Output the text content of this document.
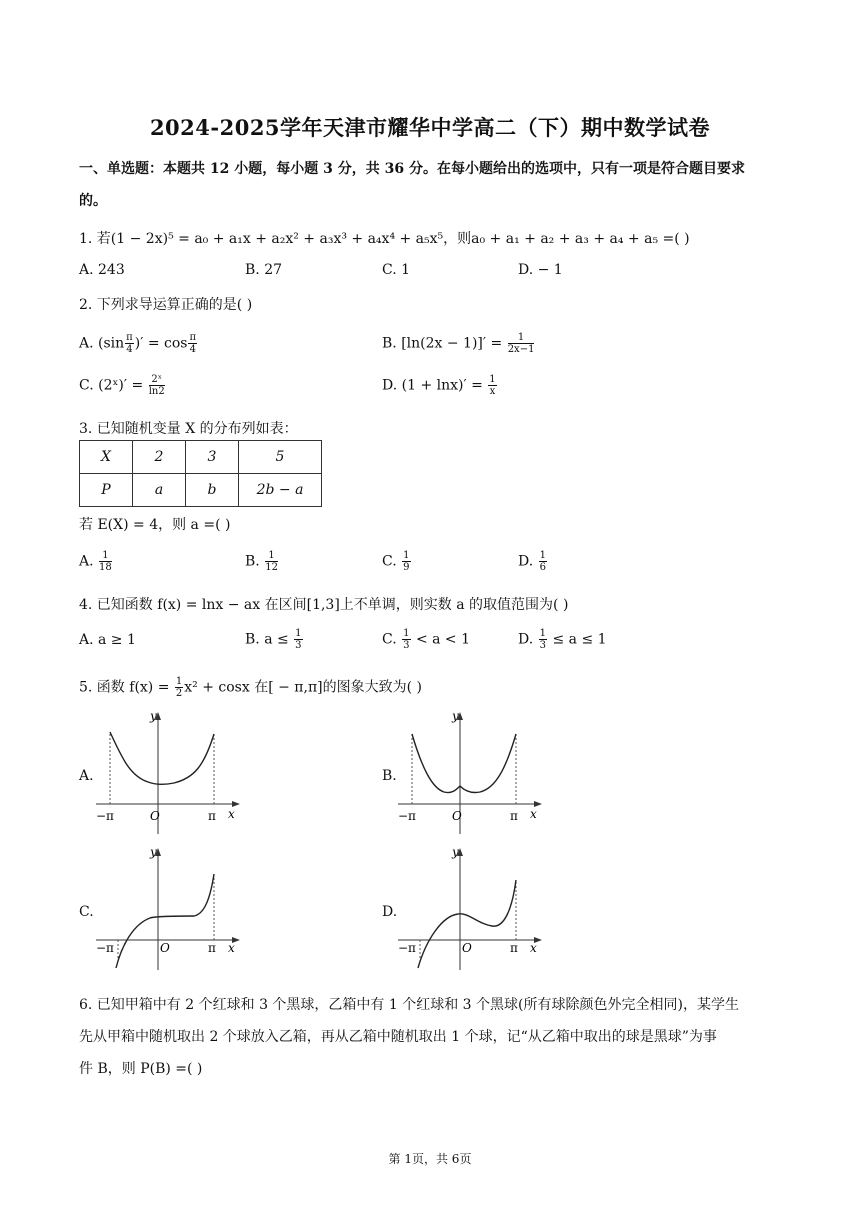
2024-2025学年天津市耀华中学高二（下）期中数学试卷
一、单选题：本题共 12 小题，每小题 3 分，共 36 分。在每小题给出的选项中，只有一项是符合题目要求
的。
1. 若(1 − 2x)⁵ = a₀ + a₁x + a₂x² + a₃x³ + a₄x⁴ + a₅x⁵，则a₀ + a₁ + a₂ + a₃ + a₄ + a₅ =( )
A. 243	B. 27	C. 1	D. − 1
2. 下列求导运算正确的是( )
A. ($\sin \frac{\pi}{4}$ )′ = $\cos \frac{\pi}{4}$	B. $[\ln(2x - 1)]' = \frac{1}{2x-1}$
C. (2ˣ)′ = $\frac{\text{2ˣ}}{\ln 2}$	D. $(1 + \ln x)' = \frac{1}{x}$
3. 已知随机变量 X 的分布列如表：
X	2	3	5
P	a	b	2b − a
若 E(X) = 4，则 a =( )
A. $\frac{1}{18}$	B. $\frac{1}{12}$	C. $\frac{1}{9}$	D. $\frac{1}{6}$
4. 已知函数 f(x) = lnx − ax 在区间[1,3]上不单调，则实数 a 的取值范围为( )
A. a ≥ 1	B. $a \le \frac{1}{3}$	C. $\frac{1}{3} < a < 1$	D. $\frac{1}{3} \le a \le 1$
5. 函数 $f(x) = \frac{1}{2} x^2 + \cos x$ 在[ − π,π]的图象大致为( )
A.	B.
C.	D.
y
x
O
−π	π
y
x
O
−π	π
y
x
O
−π	π
y
x
O
−π	π
6. 已知甲箱中有 2 个红球和 3 个黑球，乙箱中有 1 个红球和 3 个黑球(所有球除颜色外完全相同)，某学生
先从甲箱中随机取出 2 个球放入乙箱，再从乙箱中随机取出 1 个球，记“从乙箱中取出的球是黑球”为事
件 B，则 P(B) =( )
第 1页，共 6页
